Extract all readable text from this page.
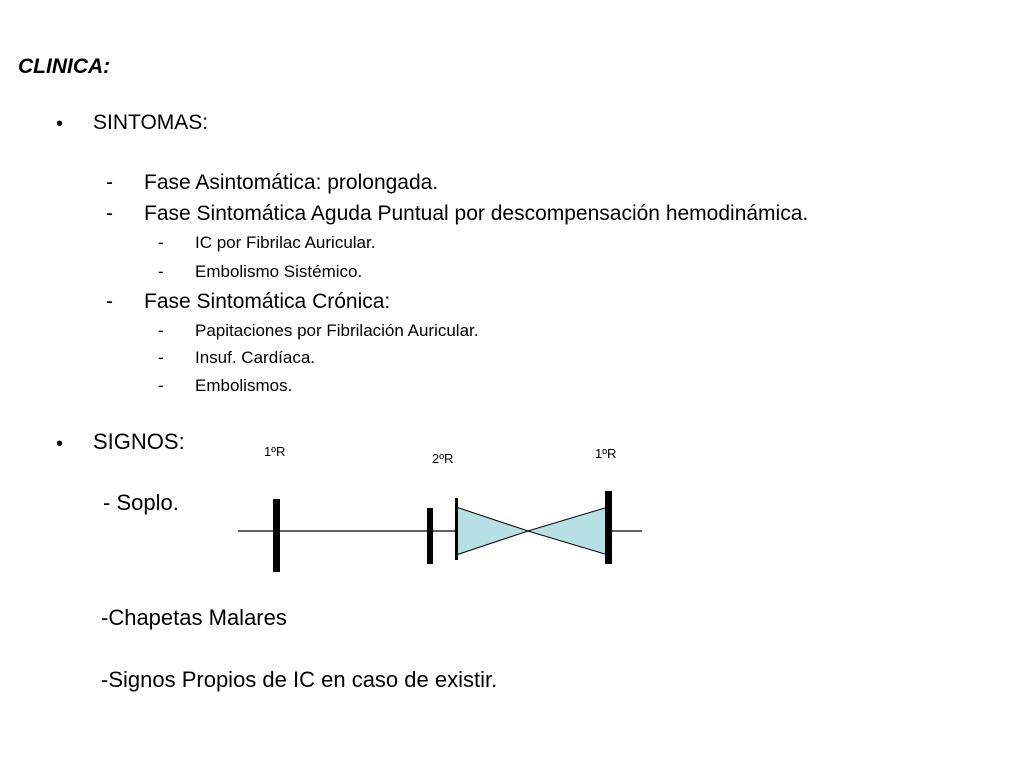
CLINICA:
• SINTOMAS:
- Fase Asintomática: prolongada.
- Fase Sintomática Aguda Puntual por descompensación hemodinámica.
- IC por Fibrilac Auricular.
- Embolismo Sistémico.
- Fase Sintomática Crónica:
- Papitaciones por Fibrilación Auricular.
- Insuf. Cardíaca.
- Embolismos.
• SIGNOS:
- Soplo.
-Chapetas Malares
-Signos Propios de IC en caso de existir.
1ºR	2ºR	1ºR
